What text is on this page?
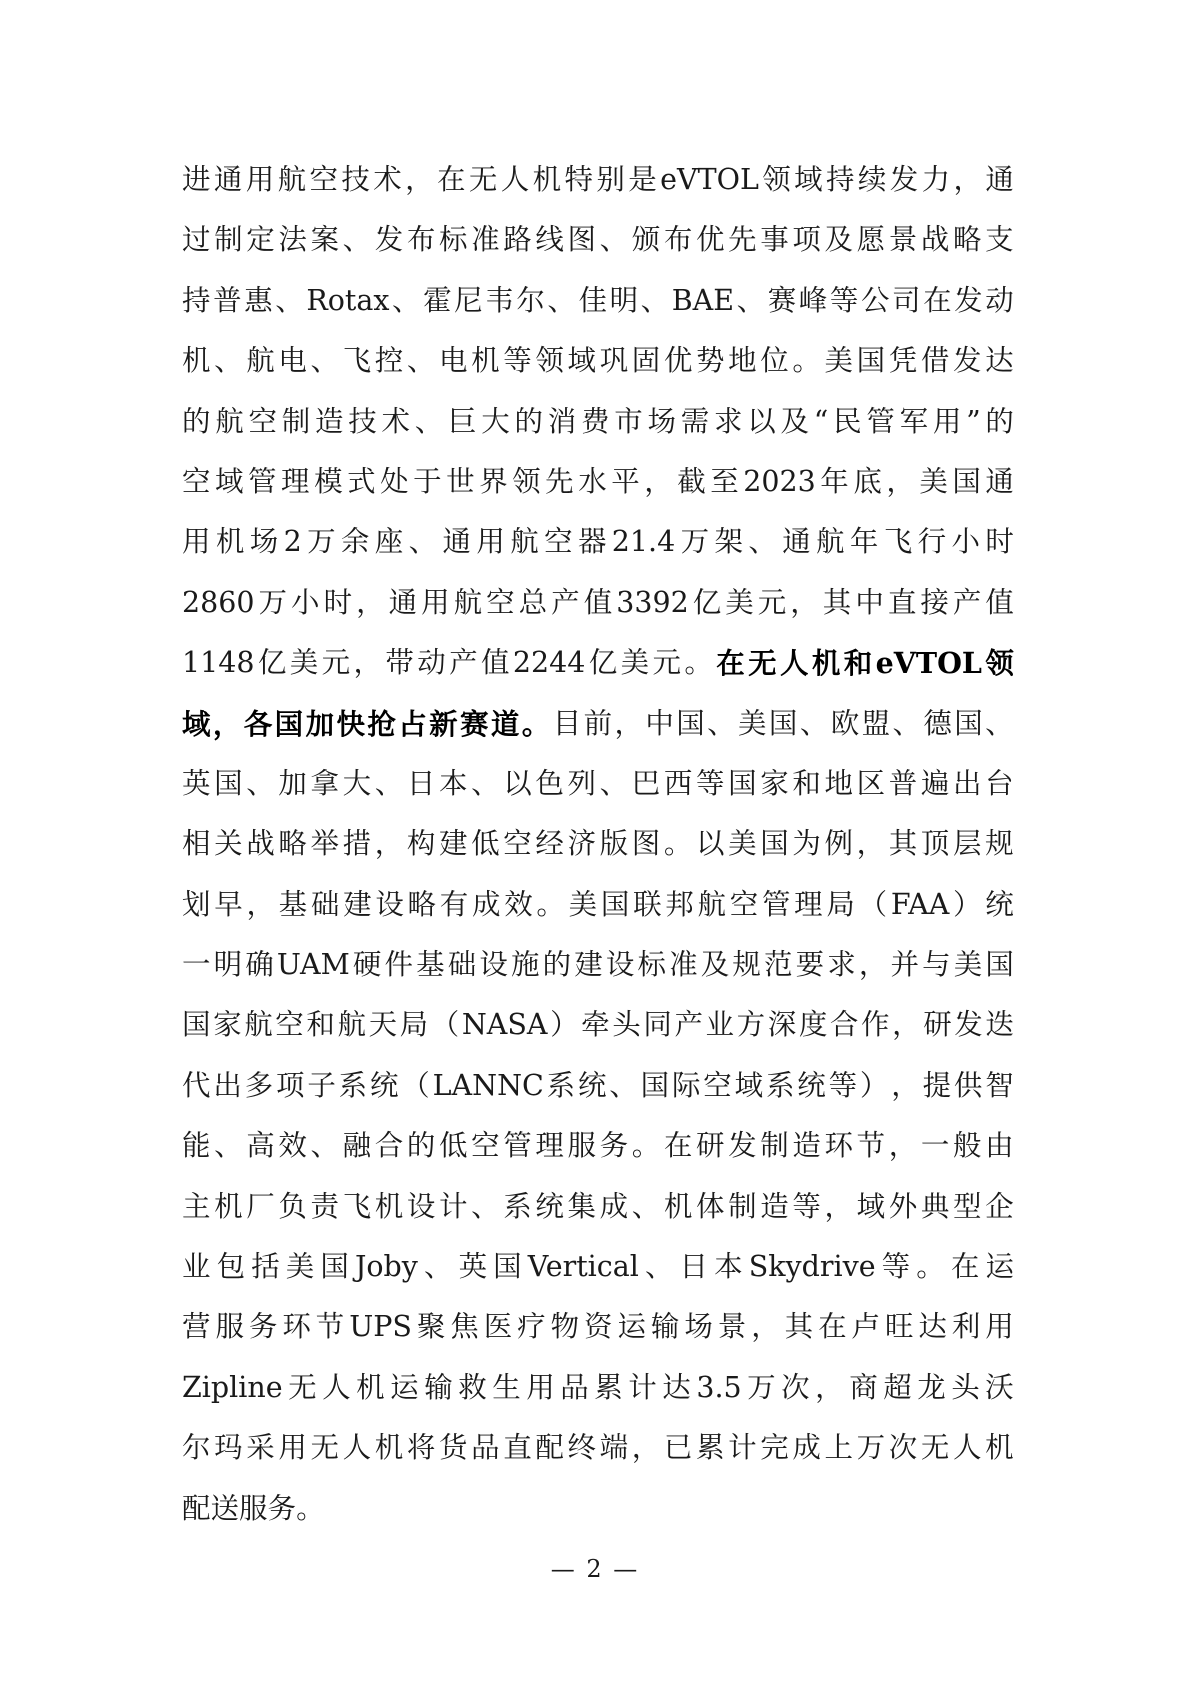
进 通 用 航 空 技 术 ， 在 无 人 机 特 别 是 eVTOL 领 域 持 续 发 力 ， 通
过 制 定 法 案 、 发 布 标 准 路 线 图 、 颁 布 优 先 事 项 及 愿 景 战 略 支
持 普 惠 、 Rotax 、 霍 尼 韦 尔 、 佳 明 、 BAE 、 赛 峰 等 公 司 在 发 动
机 、 航 电 、 飞 控 、 电 机 等 领 域 巩 固 优 势 地 位 。 美 国 凭 借 发 达
的 航 空 制 造 技 术 、 巨 大 的 消 费 市 场 需 求 以 及 “ 民 管 军 用 ” 的
空 域 管 理 模 式 处 于 世 界 领 先 水 平 ， 截 至 2023 年 底 ， 美 国 通
用 机 场 2 万 余 座 、 通 用 航 空 器 21.4 万 架 、 通 航 年 飞 行 小 时
2860 万 小 时 ， 通 用 航 空 总 产 值 3392 亿 美 元 ， 其 中 直 接 产 值
1148 亿 美 元 ， 带 动 产 值 2244 亿 美 元 。 在 无 人 机 和 eVTOL 领
域 ， 各 国 加 快 抢 占 新 赛 道 。 目 前 ， 中 国 、 美 国 、 欧 盟 、 德 国 、
英 国 、 加 拿 大 、 日 本 、 以 色 列 、 巴 西 等 国 家 和 地 区 普 遍 出 台
相 关 战 略 举 措 ， 构 建 低 空 经 济 版 图 。 以 美 国 为 例 ， 其 顶 层 规
划 早 ， 基 础 建 设 略 有 成 效 。 美 国 联 邦 航 空 管 理 局 （ FAA ） 统
一 明 确 UAM 硬 件 基 础 设 施 的 建 设 标 准 及 规 范 要 求 ， 并 与 美 国
国 家 航 空 和 航 天 局 （ NASA ） 牵 头 同 产 业 方 深 度 合 作 ， 研 发 迭
代 出 多 项 子 系 统 （ LANNC 系 统 、 国 际 空 域 系 统 等 ） ， 提 供 智
能 、 高 效 、 融 合 的 低 空 管 理 服 务 。 在 研 发 制 造 环 节 ， 一 般 由
主 机 厂 负 责 飞 机 设 计 、 系 统 集 成 、 机 体 制 造 等 ， 域 外 典 型 企
业 包 括 美 国 Joby 、 英 国 Vertical 、 日 本 Skydrive 等 。 在 运
营 服 务 环 节 UPS 聚 焦 医 疗 物 资 运 输 场 景 ， 其 在 卢 旺 达 利 用
Zipline 无 人 机 运 输 救 生 用 品 累 计 达 3.5 万 次 ， 商 超 龙 头 沃
尔 玛 采 用 无 人 机 将 货 品 直 配 终 端 ， 已 累 计 完 成 上 万 次 无 人 机
配 送 服 务 。
— 2 —
